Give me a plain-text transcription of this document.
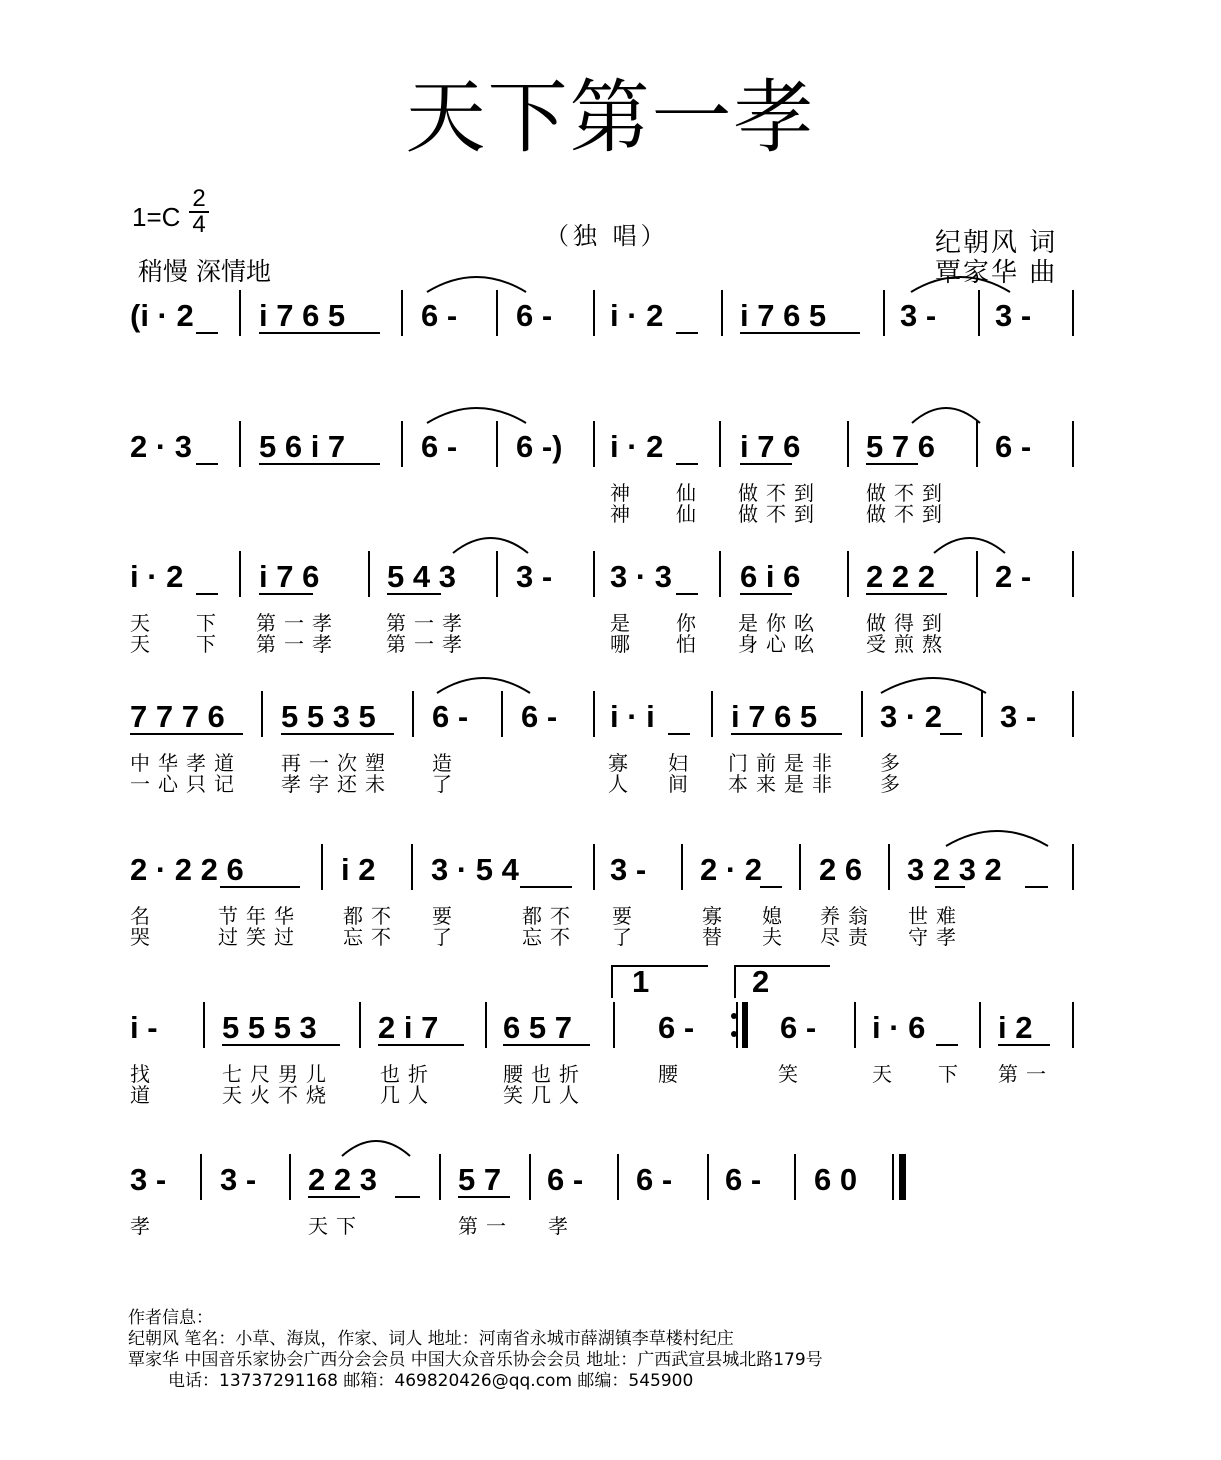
天下第一孝
1=C
2
4
稍慢 深情地
（独 唱）	纪朝风 词
覃家华 曲
(i · 2 i 7 6 5 6 - 6 - i · 2 i 7 6 5 3 - 3 -
2 · 3 5 6 i 7 6 - 6 -) i · 2 i 7 6 5 7 6 6 -
神 仙 做不到 做不到
神 仙 做不到 做不到
i · 2 i 7 6 5 4 3 3 - 3 · 3 6 i 6 2 2 2 2 -
天 下 第一孝 第一孝	是 你 是你吆 做得到
天 下 第一孝 第一孝	哪 怕 身心吆 受煎熬
7 7 7 6 5 5 3 5 6 - 6 - i · i i 7 6 5 3 · 2 3 -
中华孝道 再一次塑 造	寡 妇 门前是非 多
一心只记 孝字还未 了	人 间 本来是非 多
2 · 2 2 6	i 2 3 · 5 4	3 - 2 · 2 2 6 3 2 3 2
名	节年华 都不 要	都不 要	寡 媳 养翁 世难
哭	过笑过 忘不 了	忘不 了	替 夫 尽责 守孝
i - 5 5 5 3 2 i 7 6 5 7	6 -	6 - i · 6 i 2
找	七尺男儿 也折	腰也折	腰	笑	天 下 第一
道	天火不烧 几人	笑几人
3 - 3 - 2 2 3	5 7 6 - 6 - 6 - 6 0
孝	天下	第一 孝
1	2
作者信息：
纪朝风 笔名：小草、海岚，作家、词人 地址：河南省永城市薛湖镇李草楼村纪庄
覃家华 中国音乐家协会广西分会会员 中国大众音乐协会会员 地址：广西武宣县城北路179号
电话：13737291168 邮箱：469820426@qq.com 邮编：545900
